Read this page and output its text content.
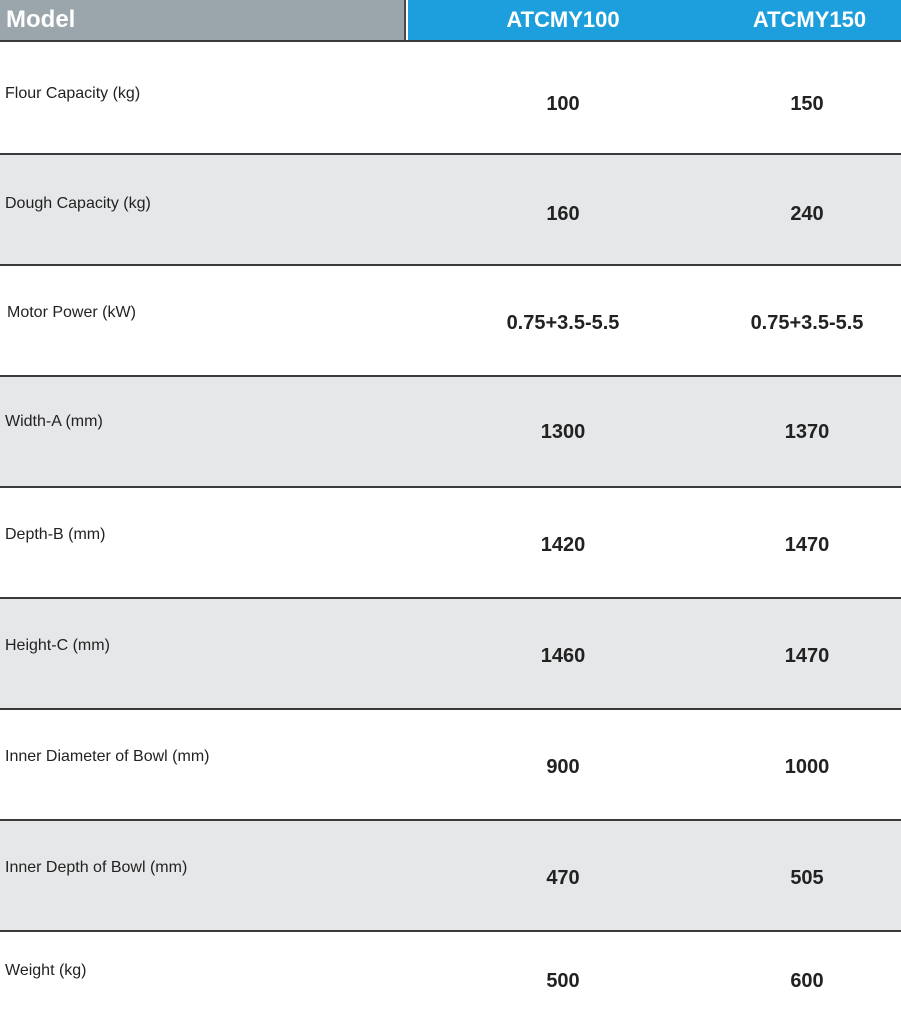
Model	ATCMY100	ATCMY150
Flour Capacity (kg)	100	150
Dough Capacity (kg)	160	240
Motor Power (kW)	0.75+3.5-5.5	0.75+3.5-5.5
Width-A (mm)	1300	1370
Depth-B (mm)	1420	1470
Height-C (mm)	1460	1470
Inner Diameter of Bowl (mm)	900	1000
Inner Depth of Bowl (mm)	470	505
Weight (kg)	500	600
